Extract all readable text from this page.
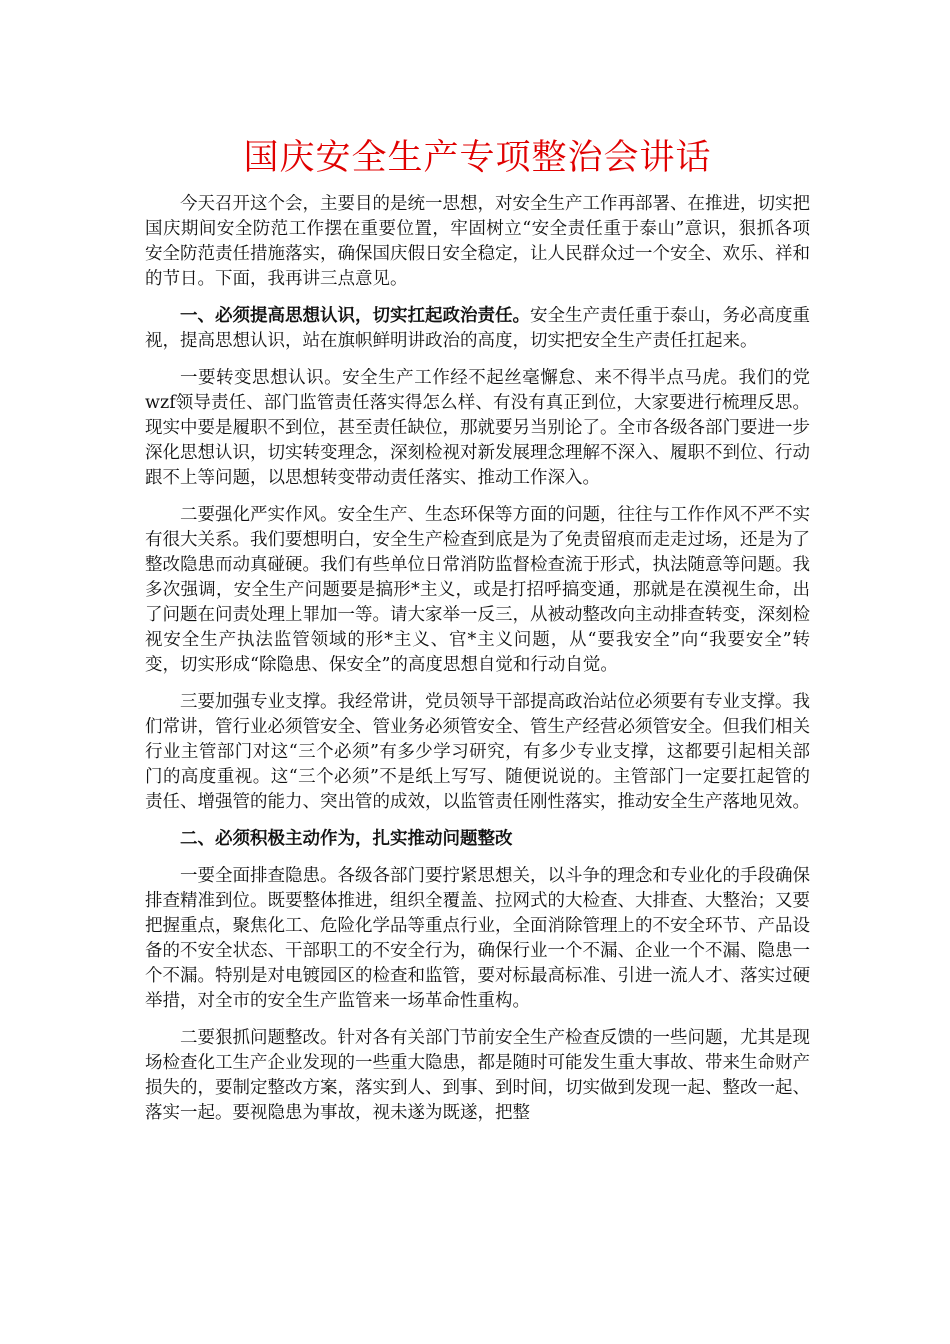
国庆安全生产专项整治会讲话

今天召开这个会，主要目的是统一思想，对安全生产工作再部署、在推进，切实把国庆期间安全防范工作摆在重要位置，牢固树立“安全责任重于泰山”意识，狠抓各项安全防范责任措施落实，确保国庆假日安全稳定，让人民群众过一个安全、欢乐、祥和的节日。下面，我再讲三点意见。

一、必须提高思想认识，切实扛起政治责任。安全生产责任重于泰山，务必高度重视，提高思想认识，站在旗帜鲜明讲政治的高度，切实把安全生产责任扛起来。

一要转变思想认识。安全生产工作经不起丝毫懈怠、来不得半点马虎。我们的党wzf领导责任、部门监管责任落实得怎么样、有没有真正到位，大家要进行梳理反思。现实中要是履职不到位，甚至责任缺位，那就要另当别论了。全市各级各部门要进一步深化思想认识，切实转变理念，深刻检视对新发展理念理解不深入、履职不到位、行动跟不上等问题，以思想转变带动责任落实、推动工作深入。

二要强化严实作风。安全生产、生态环保等方面的问题，往往与工作作风不严不实有很大关系。我们要想明白，安全生产检查到底是为了免责留痕而走走过场，还是为了整改隐患而动真碰硬。我们有些单位日常消防监督检查流于形式，执法随意等问题。我多次强调，安全生产问题要是搞形*主义，或是打招呼搞变通，那就是在漠视生命，出了问题在问责处理上罪加一等。请大家举一反三，从被动整改向主动排查转变，深刻检视安全生产执法监管领域的形*主义、官*主义问题，从“要我安全”向“我要安全”转变，切实形成“除隐患、保安全”的高度思想自觉和行动自觉。

三要加强专业支撑。我经常讲，党员领导干部提高政治站位必须要有专业支撑。我们常讲，管行业必须管安全、管业务必须管安全、管生产经营必须管安全。但我们相关行业主管部门对这“三个必须”有多少学习研究，有多少专业支撑，这都要引起相关部门的高度重视。这“三个必须”不是纸上写写、随便说说的。主管部门一定要扛起管的责任、增强管的能力、突出管的成效，以监管责任刚性落实，推动安全生产落地见效。

二、必须积极主动作为，扎实推动问题整改

一要全面排查隐患。各级各部门要拧紧思想关，以斗争的理念和专业化的手段确保排查精准到位。既要整体推进，组织全覆盖、拉网式的大检查、大排查、大整治；又要把握重点，聚焦化工、危险化学品等重点行业，全面消除管理上的不安全环节、产品设备的不安全状态、干部职工的不安全行为，确保行业一个不漏、企业一个不漏、隐患一个不漏。特别是对电镀园区的检查和监管，要对标最高标准、引进一流人才、落实过硬举措，对全市的安全生产监管来一场革命性重构。

二要狠抓问题整改。针对各有关部门节前安全生产检查反馈的一些问题，尤其是现场检查化工生产企业发现的一些重大隐患，都是随时可能发生重大事故、带来生命财产损失的，要制定整改方案，落实到人、到事、到时间，切实做到发现一起、整改一起、落实一起。要视隐患为事故，视未遂为既遂，把整
